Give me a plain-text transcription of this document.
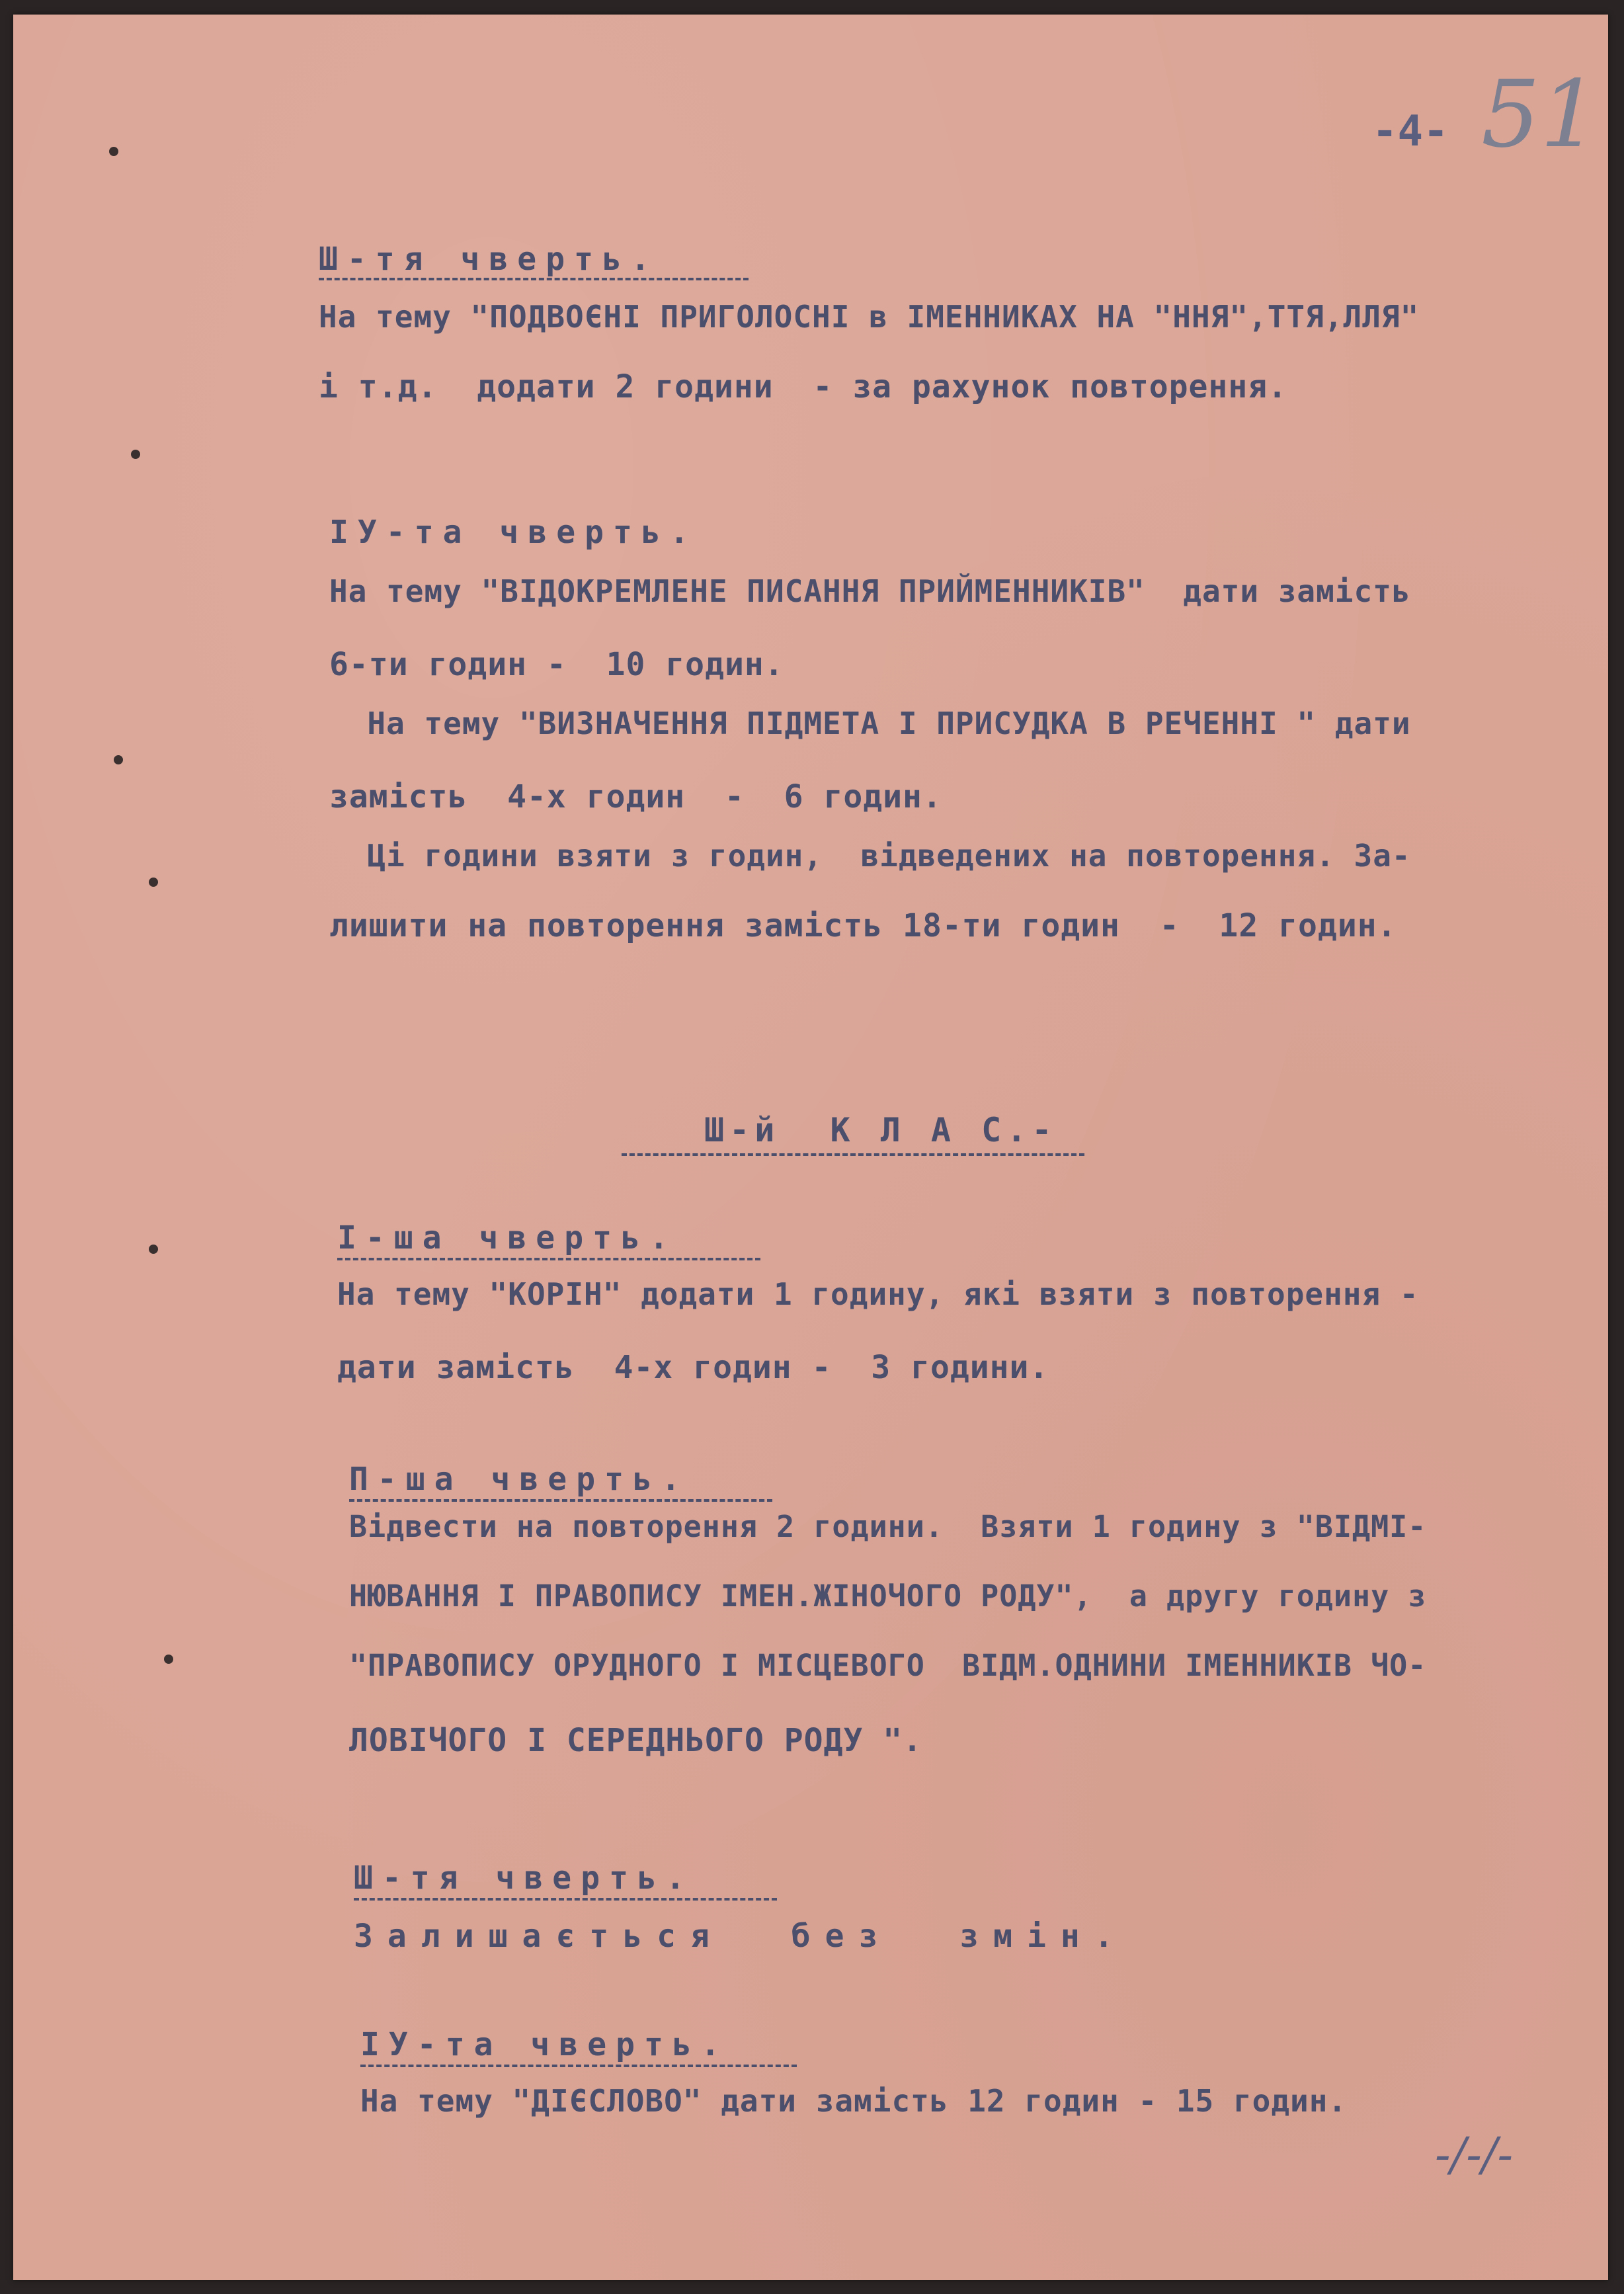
-4- 51
Ш-тя чверть.
На тему "ПОДВОЄНІ ПРИГОЛОСНІ в ІМЕННИКАХ НА "ННЯ",ТТЯ,ЛЛЯ"
і т.д.  додати 2 години  - за рахунок повторення.
ІУ-та чверть.
На тему "ВІДОКРЕМЛЕНЕ ПИСАННЯ ПРИЙМЕННИКІВ"  дати замість
6-ти годин -  10 годин.
На тему "ВИЗНАЧЕННЯ ПІДМЕТА І ПРИСУДКА В РЕЧЕННІ " дати
замість  4-х годин  -  6 годин.
Ці години взяти з годин,  відведених на повторення. За-
лишити на повторення замість 18-ти годин  -  12 годин.
Ш-й  К Л А С.-
І-ша чверть.
На тему "КОРІН" додати 1 годину, які взяти з повторення -
дати замість  4-х годин -  3 години.
П-ша чверть.
Відвести на повторення 2 години.  Взяти 1 годину з "ВІДМІ-
НЮВАННЯ І ПРАВОПИСУ ІМЕН.ЖІНОЧОГО РОДУ",  а другу годину з
"ПРАВОПИСУ ОРУДНОГО І МІСЦЕВОГО  ВІДМ.ОДНИНИ ІМЕННИКІВ ЧО-
ЛОВІЧОГО І СЕРЕДНЬОГО РОДУ ".
Ш-тя чверть.
Залишається  без  змін.
ІУ-та чверть.
На тему "ДІЄСЛОВО" дати замість 12 годин - 15 годин.
-/-/-
